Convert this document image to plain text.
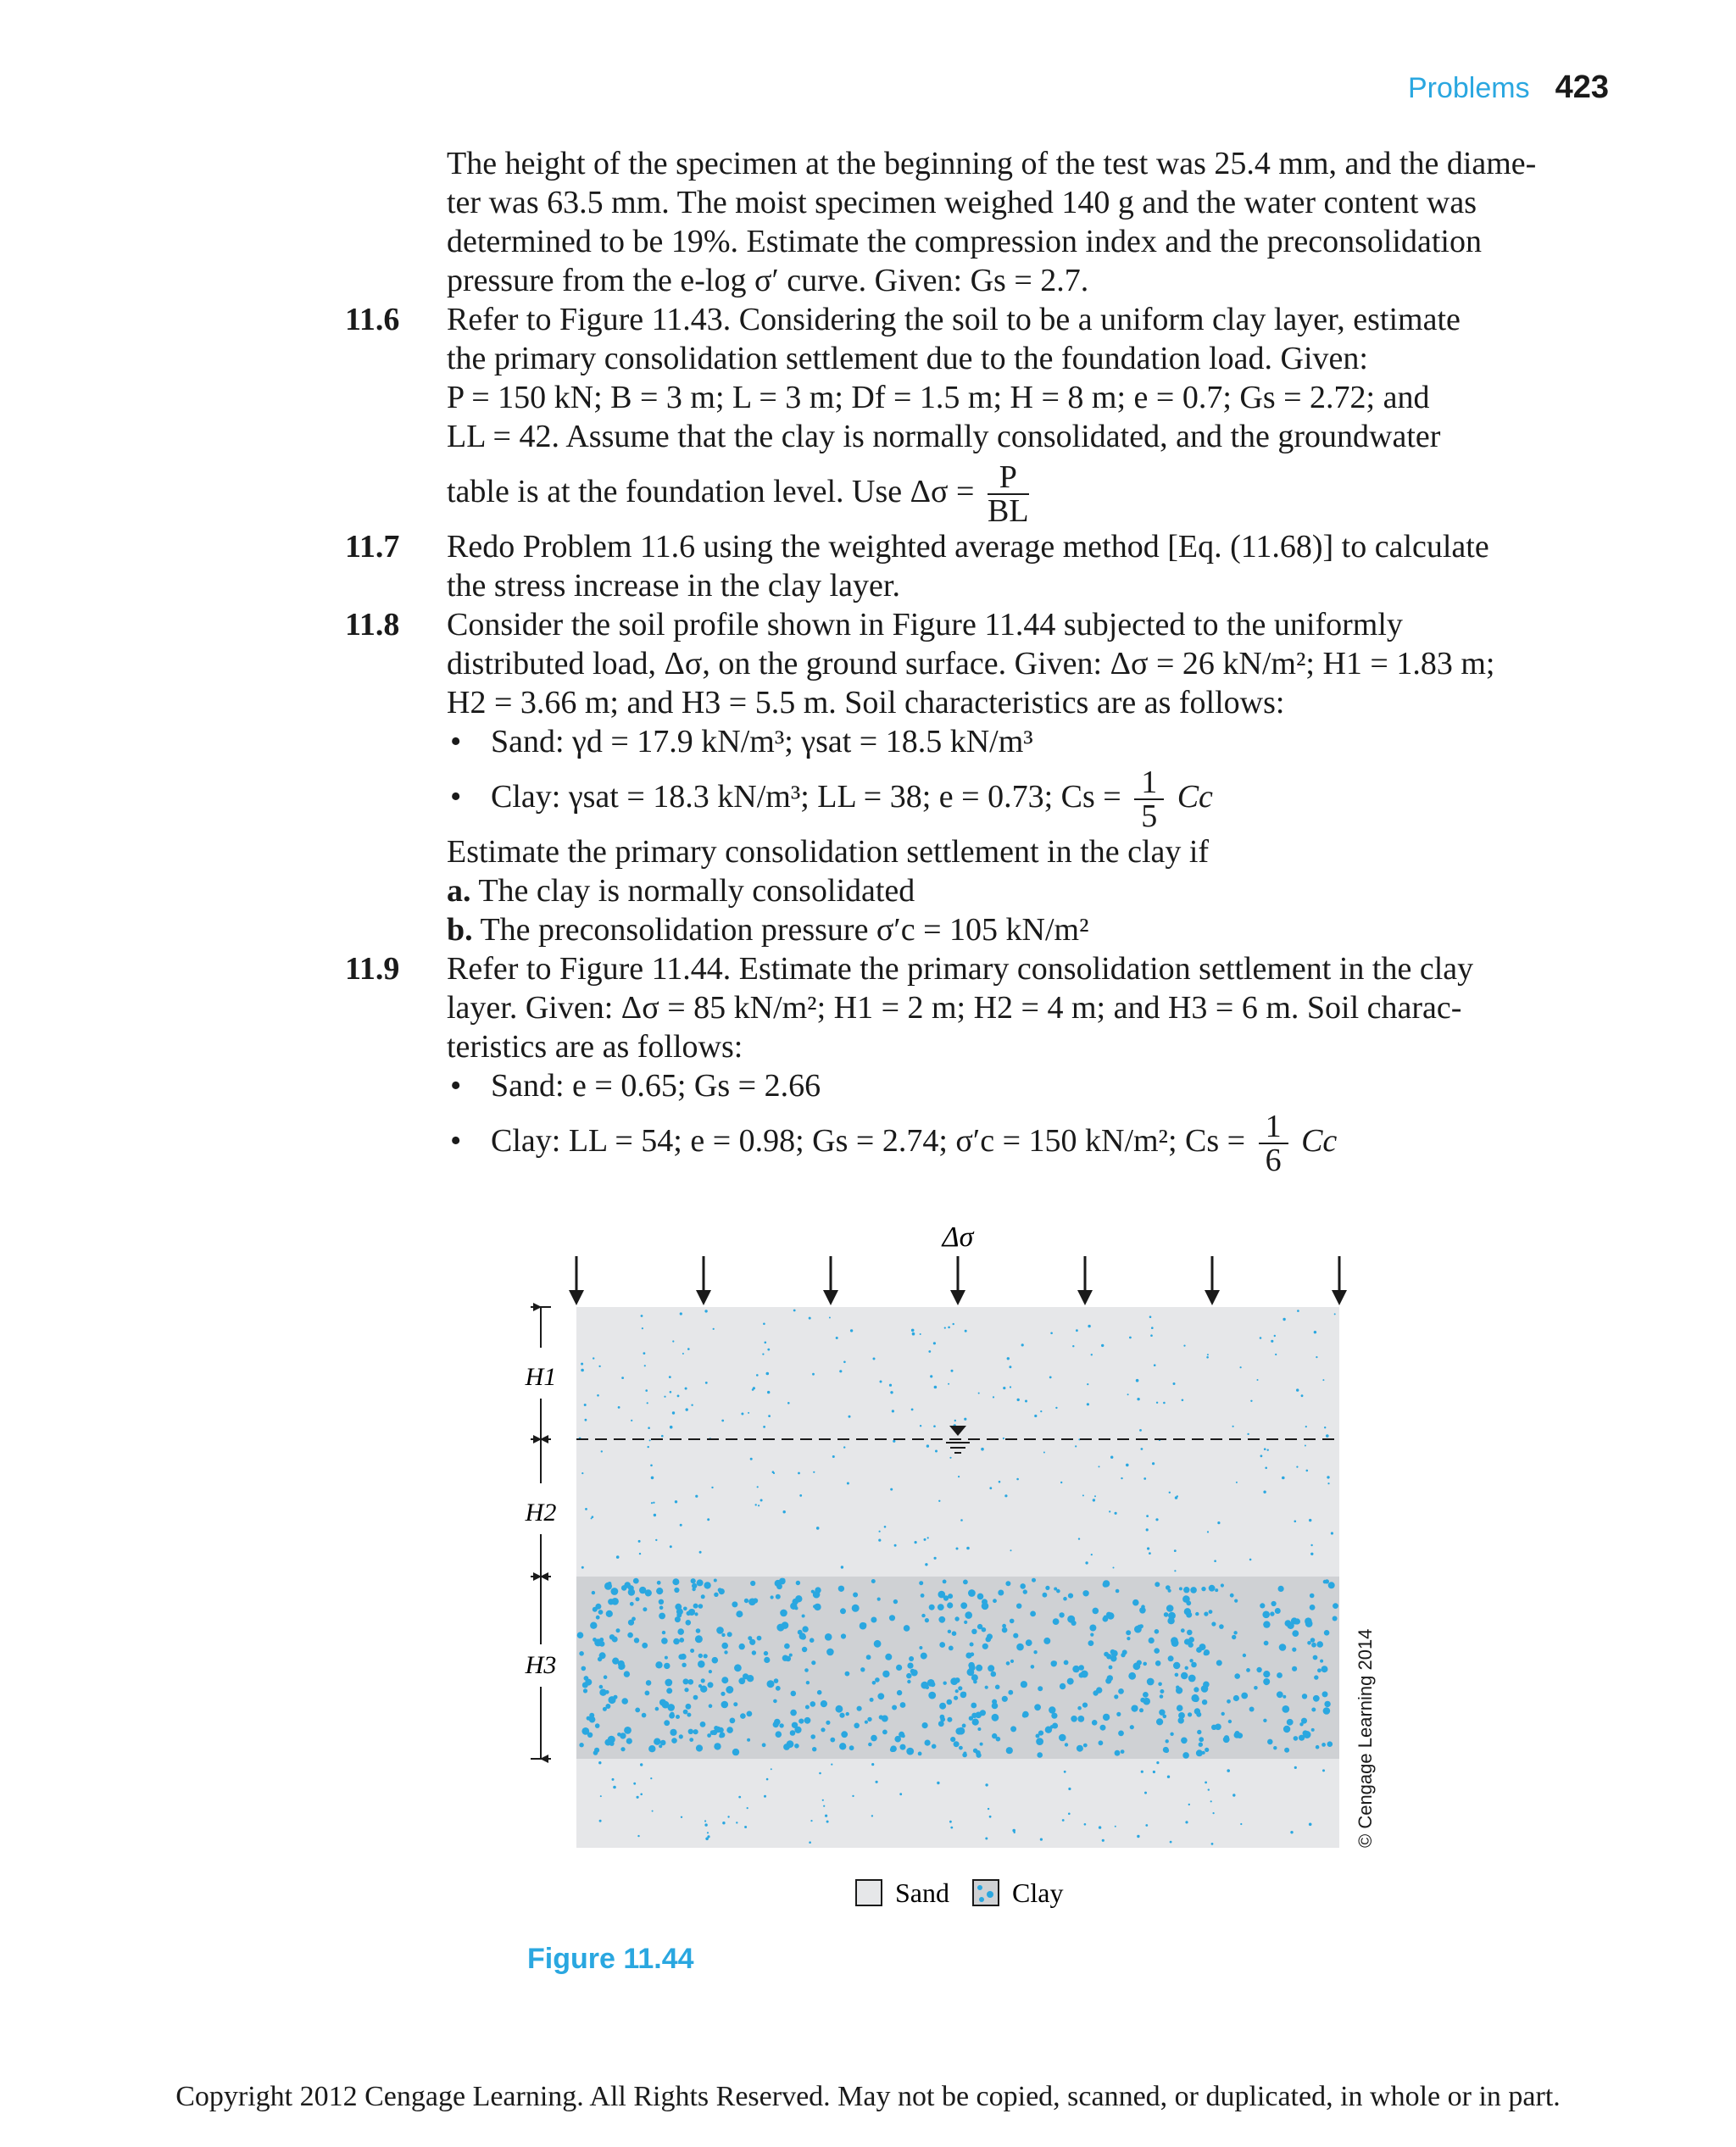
Problems 423
The height of the specimen at the beginning of the test was 25.4 mm, and the diame-
ter was 63.5 mm. The moist specimen weighed 140 g and the water content was
determined to be 19%. Estimate the compression index and the preconsolidation
pressure from the e-log σ′ curve. Given: Gs = 2.7.
11.6	Refer to Figure 11.43. Considering the soil to be a uniform clay layer, estimate
the primary consolidation settlement due to the foundation load. Given:
P = 150 kN; B = 3 m; L = 3 m; Df = 1.5 m; H = 8 m; e = 0.7; Gs = 2.72; and
LL = 42. Assume that the clay is normally consolidated, and the groundwater
table is at the foundation level. Use $\Delta\sigma = \frac{P}{BL}$
11.7	Redo Problem 11.6 using the weighted average method [Eq. (11.68)] to calculate
the stress increase in the clay layer.
11.8	Consider the soil profile shown in Figure 11.44 subjected to the uniformly
distributed load, Δσ, on the ground surface. Given: Δσ = 26 kN/m²; H1 = 1.83 m;
H2 = 3.66 m; and H3 = 5.5 m. Soil characteristics are as follows:
• Sand: γd = 17.9 kN/m³; γsat = 18.5 kN/m³
• Clay: γsat = 18.3 kN/m³; LL = 38; e = 0.73; $Cs = \frac{1}{5}$ Cc
Estimate the primary consolidation settlement in the clay if
a. The clay is normally consolidated
b. The preconsolidation pressure σ′c = 105 kN/m²
11.9	Refer to Figure 11.44. Estimate the primary consolidation settlement in the clay
layer. Given: Δσ = 85 kN/m²; H1 = 2 m; H2 = 4 m; and H3 = 6 m. Soil charac-
teristics are as follows:
• Sand: e = 0.65; Gs = 2.66
• Clay: LL = 54; e = 0.98; Gs = 2.74; σ′c = 150 kN/m²; $Cs = \frac{1}{6}$ Cc
Δσ
H1
H2
H3	© Cengage Learning 2014
Sand Clay
Figure 11.44
Copyright 2012 Cengage Learning. All Rights Reserved. May not be copied, scanned, or duplicated, in whole or in part.
